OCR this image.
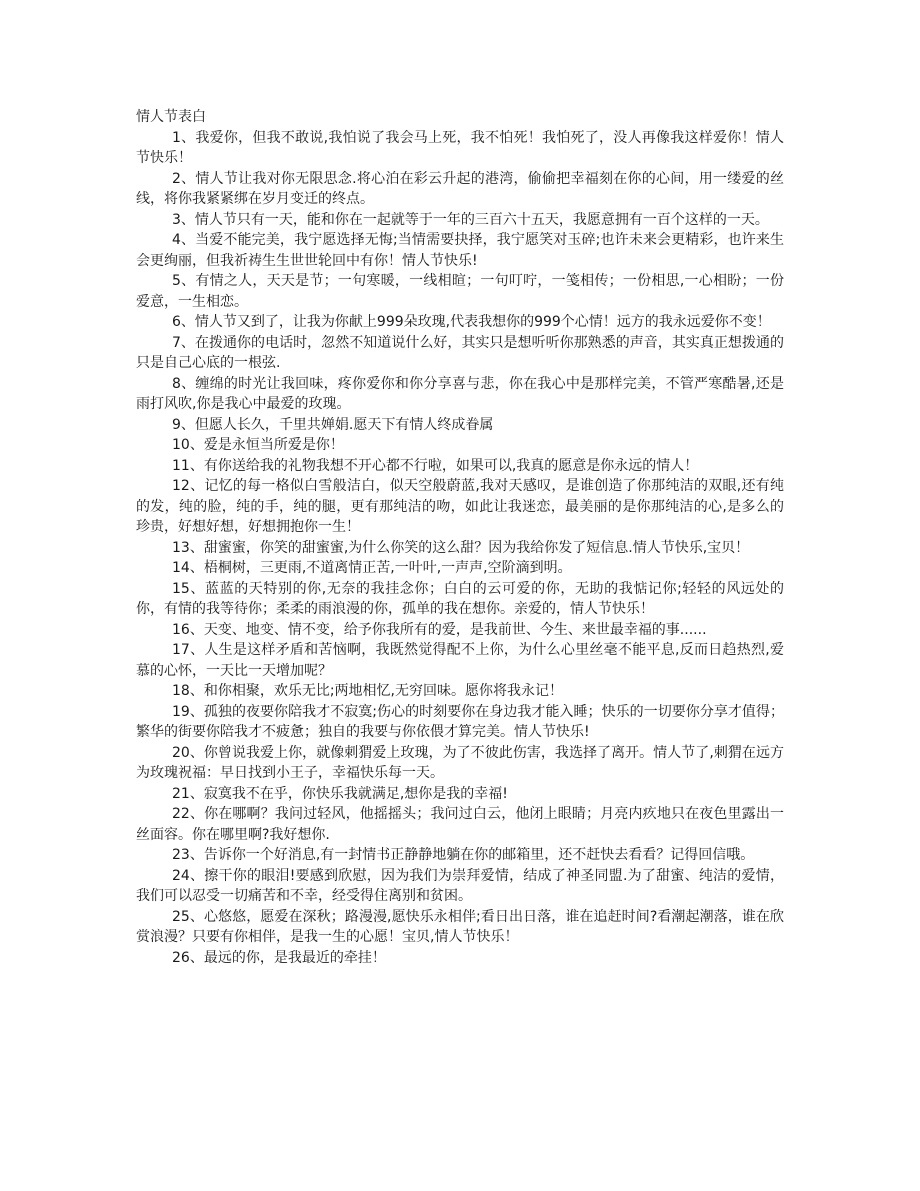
情人节表白

1、我爱你，但我不敢说,我怕说了我会马上死，我不怕死！我怕死了，没人再像我这样爱你！情人节快乐！

2、情人节让我对你无限思念.将心泊在彩云升起的港湾，偷偷把幸福刻在你的心间，用一缕爱的丝线，将你我紧紧绑在岁月变迁的终点。

3、情人节只有一天，能和你在一起就等于一年的三百六十五天，我愿意拥有一百个这样的一天。

4、当爱不能完美，我宁愿选择无悔;当情需要抉择，我宁愿笑对玉碎;也许未来会更精彩，也许来生会更绚丽，但我祈祷生生世世轮回中有你！情人节快乐!

5、有情之人，天天是节；一句寒暖，一线相暄；一句叮咛，一笺相传；一份相思,一心相盼；一份爱意，一生相恋。

6、情人节又到了，让我为你献上999朵玫瑰,代表我想你的999个心情！远方的我永远爱你不变！

7、在拨通你的电话时，忽然不知道说什么好，其实只是想听听你那熟悉的声音，其实真正想拨通的只是自己心底的一根弦.

8、缠绵的时光让我回味，疼你爱你和你分享喜与悲，你在我心中是那样完美，不管严寒酷暑,还是雨打风吹,你是我心中最爱的玫瑰。

9、但愿人长久，千里共婵娟.愿天下有情人终成眷属

10、爱是永恒当所爱是你！

11、有你送给我的礼物我想不开心都不行啦，如果可以,我真的愿意是你永远的情人！

12、记忆的每一格似白雪般洁白，似天空般蔚蓝,我对天感叹，是谁创造了你那纯洁的双眼,还有纯的发，纯的脸，纯的手，纯的腿，更有那纯洁的吻，如此让我迷恋，最美丽的是你那纯洁的心,是多么的珍贵，好想好想，好想拥抱你一生！

13、甜蜜蜜，你笑的甜蜜蜜,为什么你笑的这么甜？因为我给你发了短信息.情人节快乐,宝贝！

14、梧桐树，三更雨,不道离情正苦,一叶叶,一声声,空阶滴到明。

15、蓝蓝的天特别的你,无奈的我挂念你；白白的云可爱的你，无助的我惦记你;轻轻的风远处的你，有情的我等待你；柔柔的雨浪漫的你，孤单的我在想你。亲爱的，情人节快乐！

16、天变、地变、情不变，给予你我所有的爱，是我前世、今生、来世最幸福的事......

17、人生是这样矛盾和苦恼啊，我既然觉得配不上你，为什么心里丝毫不能平息,反而日趋热烈,爱慕的心怀，一天比一天增加呢？

18、和你相聚，欢乐无比;两地相忆,无穷回味。愿你将我永记！

19、孤独的夜要你陪我才不寂寞;伤心的时刻要你在身边我才能入睡；快乐的一切要你分享才值得；繁华的街要你陪我才不疲惫；独自的我要与你依偎才算完美。情人节快乐!

20、你曾说我爱上你，就像刺猬爱上玫瑰，为了不彼此伤害，我选择了离开。情人节了,刺猬在远方为玫瑰祝福：早日找到小王子，幸福快乐每一天。

21、寂寞我不在乎，你快乐我就满足,想你是我的幸福!

22、你在哪啊？我问过轻风，他摇摇头；我问过白云，他闭上眼睛；月亮内疚地只在夜色里露出一丝面容。你在哪里啊?我好想你.

23、告诉你一个好消息,有一封情书正静静地躺在你的邮箱里，还不赶快去看看？记得回信哦。

24、擦干你的眼泪!要感到欣慰，因为我们为崇拜爱情，结成了神圣同盟.为了甜蜜、纯洁的爱情，我们可以忍受一切痛苦和不幸，经受得住离别和贫困。

25、心悠悠，愿爱在深秋；路漫漫,愿快乐永相伴;看日出日落，谁在追赶时间?看潮起潮落，谁在欣赏浪漫？只要有你相伴，是我一生的心愿！宝贝,情人节快乐！

26、最远的你，是我最近的牵挂！
